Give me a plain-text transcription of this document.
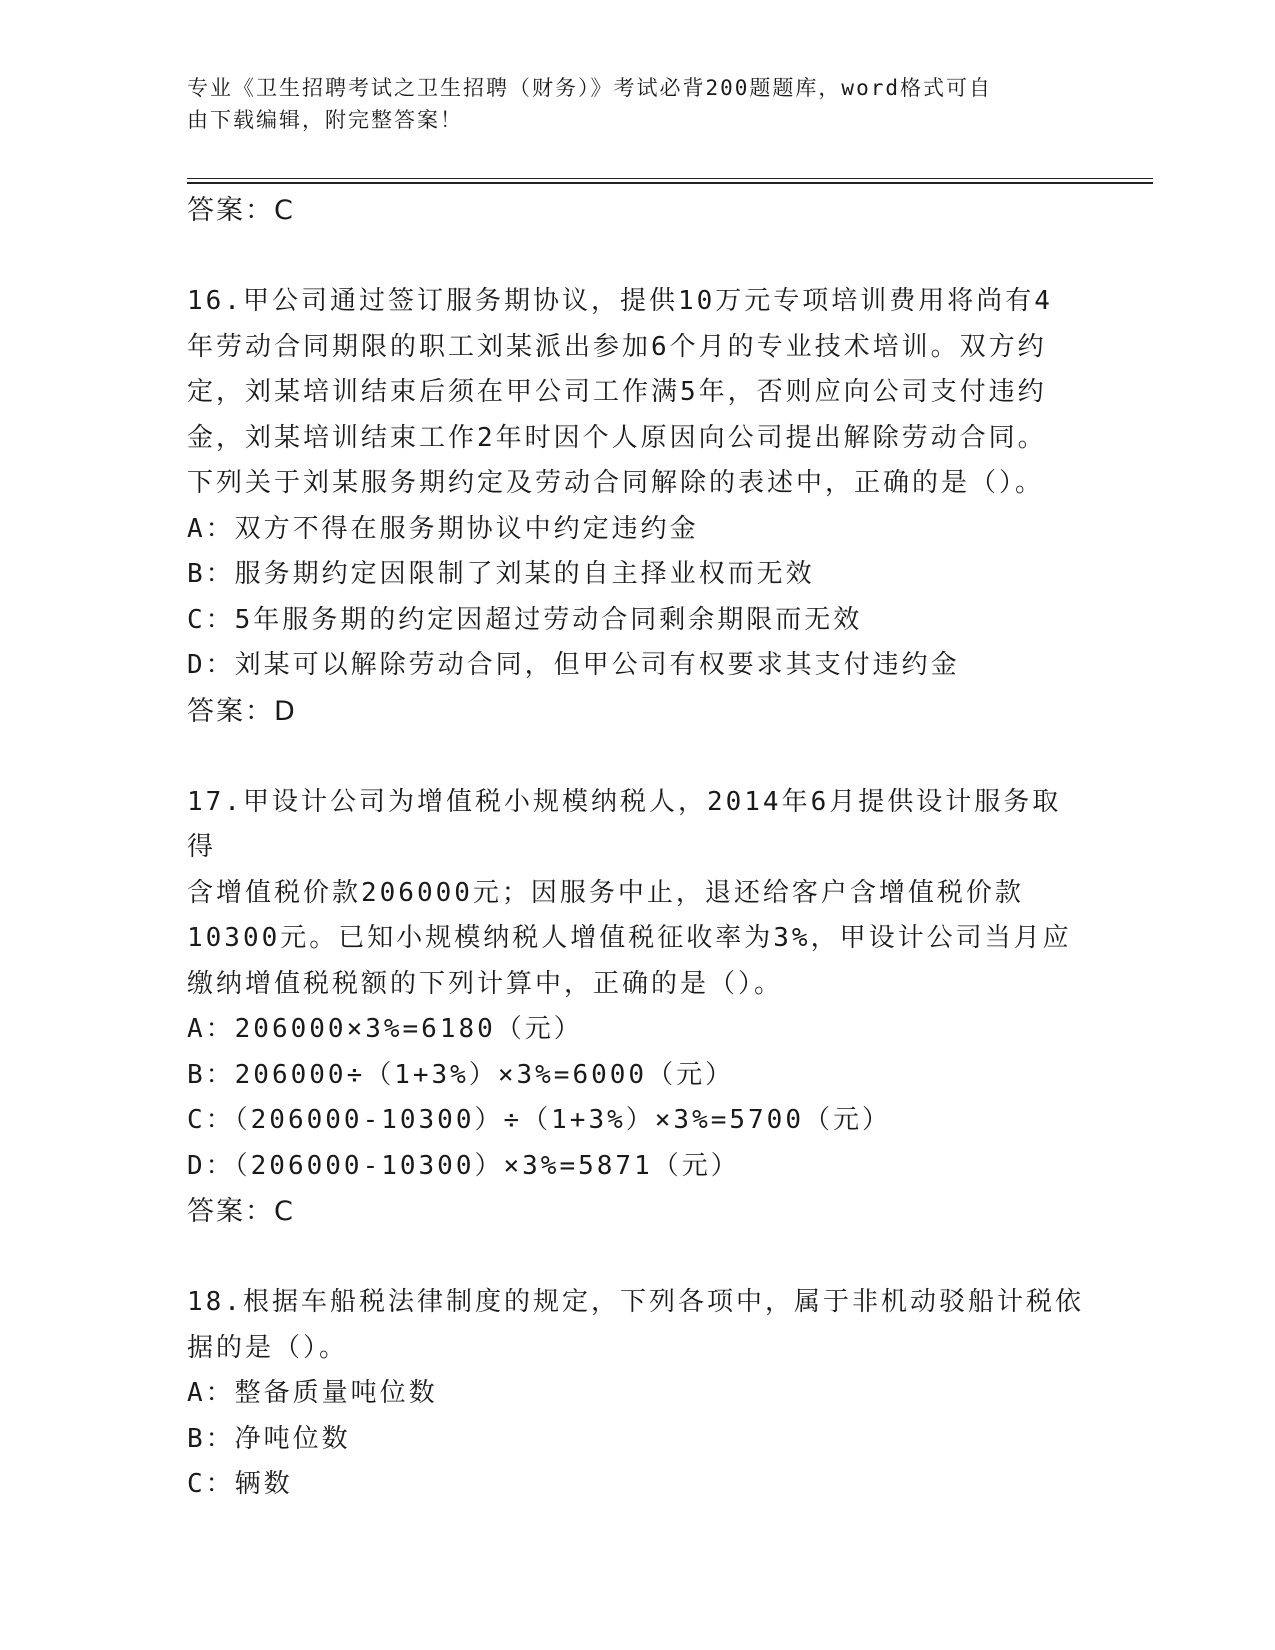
专业《卫生招聘考试之卫生招聘（财务）》考试必背200题题库，word格式可自
由下载编辑，附完整答案！
答案：C
16.甲公司通过签订服务期协议，提供10万元专项培训费用将尚有4
年劳动合同期限的职工刘某派出参加6个月的专业技术培训。双方约
定，刘某培训结束后须在甲公司工作满5年，否则应向公司支付违约
金，刘某培训结束工作2年时因个人原因向公司提出解除劳动合同。
下列关于刘某服务期约定及劳动合同解除的表述中，正确的是（）。
A：双方不得在服务期协议中约定违约金
B：服务期约定因限制了刘某的自主择业权而无效
C：5年服务期的约定因超过劳动合同剩余期限而无效
D：刘某可以解除劳动合同，但甲公司有权要求其支付违约金
答案：D
17.甲设计公司为增值税小规模纳税人，2014年6月提供设计服务取得
含增值税价款206000元；因服务中止，退还给客户含增值税价款
10300元。已知小规模纳税人增值税征收率为3%，甲设计公司当月应
缴纳增值税税额的下列计算中，正确的是（）。
A：206000×3%=6180（元）
B：206000÷（1+3%）×3%=6000（元）
C：（206000-10300）÷（1+3%）×3%=5700（元）
D：（206000-10300）×3%=5871（元）
答案：C
18.根据车船税法律制度的规定，下列各项中，属于非机动驳船计税依
据的是（）。
A：整备质量吨位数
B：净吨位数
C：辆数
